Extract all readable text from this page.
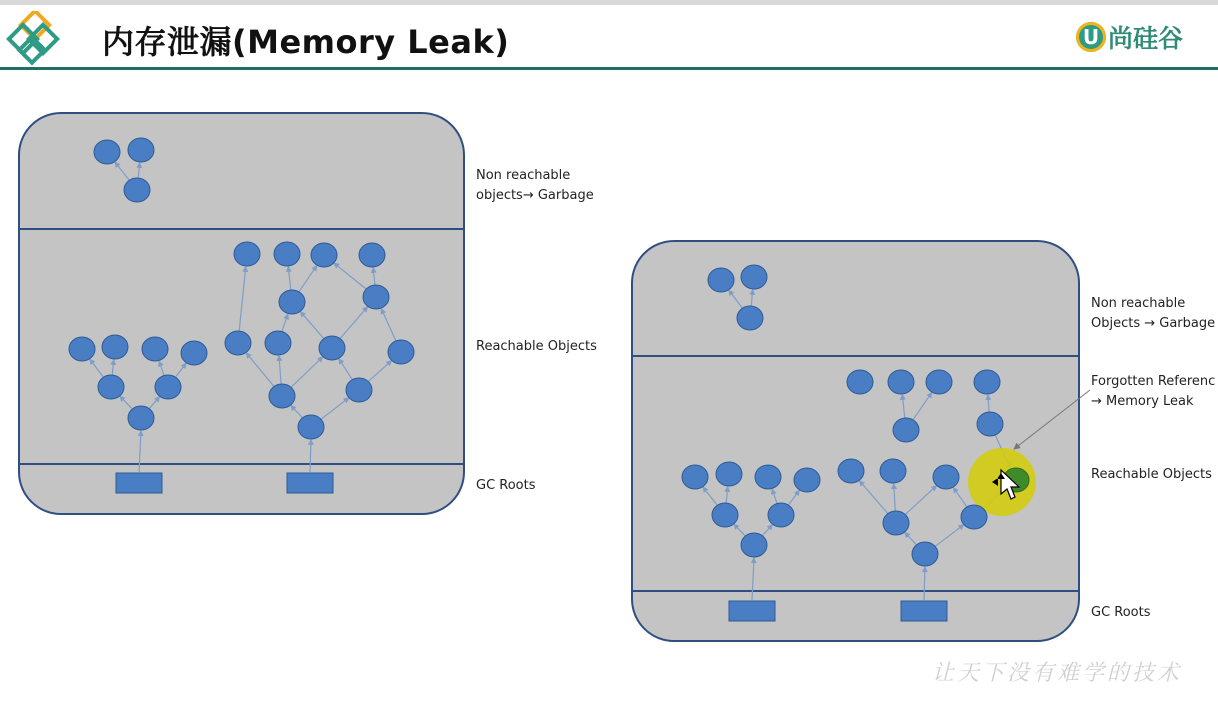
内存泄漏(Memory Leak)	U 尚硅谷
Non reachable
objects→ Garbage
Reachable Objects
GC Roots
Non reachable
Objects → Garbage
Forgotten Referenc
→ Memory Leak
Reachable Objects
GC Roots
让天下没有难学的技术
